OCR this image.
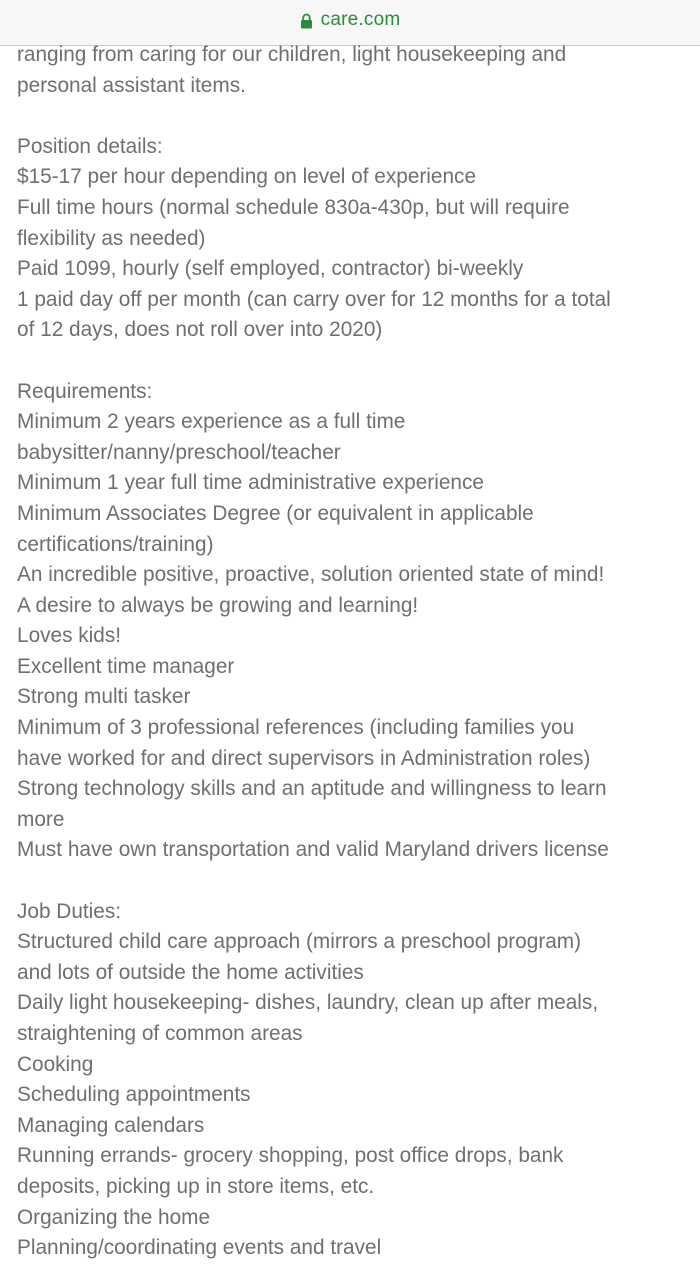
care.com

ranging from caring for our children, light housekeeping and

personal assistant items.

Position details:

$15-17 per hour depending on level of experience

Full time hours (normal schedule 830a-430p, but will require

flexibility as needed)

Paid 1099, hourly (self employed, contractor) bi-weekly

1 paid day off per month (can carry over for 12 months for a total

of 12 days, does not roll over into 2020)

Requirements:

Minimum 2 years experience as a full time

babysitter/nanny/preschool/teacher

Minimum 1 year full time administrative experience

Minimum Associates Degree (or equivalent in applicable

certifications/training)

An incredible positive, proactive, solution oriented state of mind!

A desire to always be growing and learning!

Loves kids!

Excellent time manager

Strong multi tasker

Minimum of 3 professional references (including families you

have worked for and direct supervisors in Administration roles)

Strong technology skills and an aptitude and willingness to learn

more

Must have own transportation and valid Maryland drivers license

Job Duties:

Structured child care approach (mirrors a preschool program)

and lots of outside the home activities

Daily light housekeeping- dishes, laundry, clean up after meals,

straightening of common areas

Cooking

Scheduling appointments

Managing calendars

Running errands- grocery shopping, post office drops, bank

deposits, picking up in store items, etc.

Organizing the home

Planning/coordinating events and travel
